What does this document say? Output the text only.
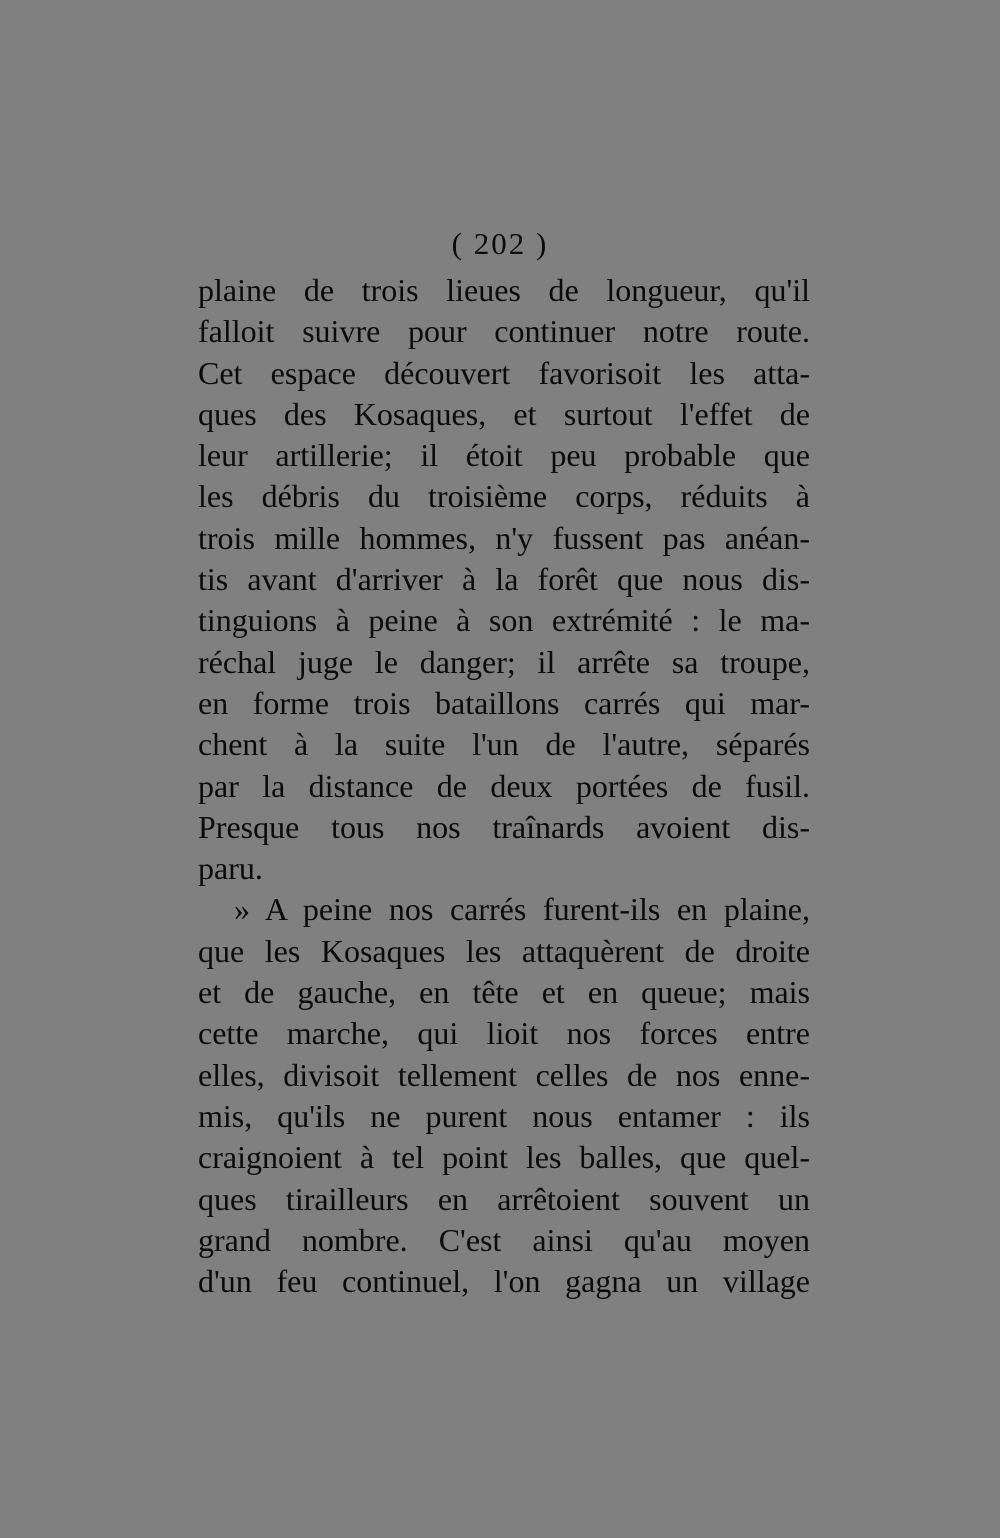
( 202 )
plaine de trois lieues de longueur, qu'il
falloit suivre pour continuer notre route.
Cet espace découvert favorisoit les atta-
ques des Kosaques, et surtout l'effet de
leur artillerie; il étoit peu probable que
les débris du troisième corps, réduits à
trois mille hommes, n'y fussent pas anéan-
tis avant d'arriver à la forêt que nous dis-
tinguions à peine à son extrémité : le ma-
réchal juge le danger; il arrête sa troupe,
en forme trois bataillons carrés qui mar-
chent à la suite l'un de l'autre, séparés
par la distance de deux portées de fusil.
Presque tous nos traînards avoient dis-
paru.
» A peine nos carrés furent-ils en plaine,
que les Kosaques les attaquèrent de droite
et de gauche, en tête et en queue; mais
cette marche, qui lioit nos forces entre
elles, divisoit tellement celles de nos enne-
mis, qu'ils ne purent nous entamer : ils
craignoient à tel point les balles, que quel-
ques tirailleurs en arrêtoient souvent un
grand nombre. C'est ainsi qu'au moyen
d'un feu continuel, l'on gagna un village
